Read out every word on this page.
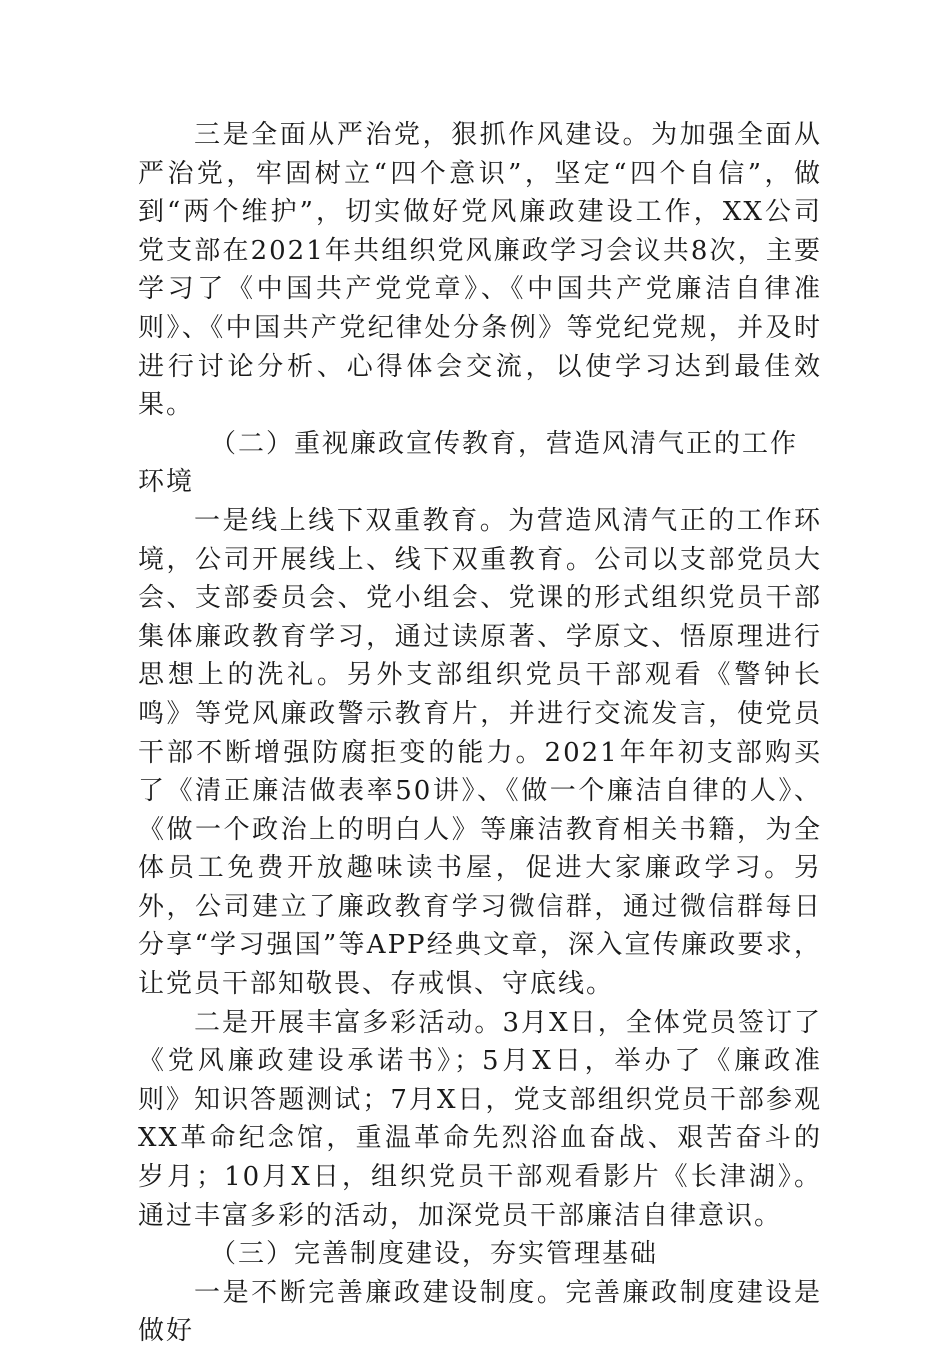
三是全面从严治党，狠抓作风建设。为加强全面从严治党，牢固树立“四个意识”，坚定“四个自信”，做到“两个维护”，切实做好党风廉政建设工作，XX公司党支部在2021年共组织党风廉政学习会议共8次，主要学习了《中国共产党党章》、《中国共产党廉洁自律准则》、《中国共产党纪律处分条例》等党纪党规，并及时进行讨论分析、心得体会交流，以使学习达到最佳效果。

（二）重视廉政宣传教育，营造风清气正的工作环境

一是线上线下双重教育。为营造风清气正的工作环境，公司开展线上、线下双重教育。公司以支部党员大会、支部委员会、党小组会、党课的形式组织党员干部集体廉政教育学习，通过读原著、学原文、悟原理进行思想上的洗礼。另外支部组织党员干部观看《警钟长鸣》等党风廉政警示教育片，并进行交流发言，使党员干部不断增强防腐拒变的能力。2021年年初支部购买了《清正廉洁做表率50讲》、《做一个廉洁自律的人》、《做一个政治上的明白人》等廉洁教育相关书籍，为全体员工免费开放趣味读书屋，促进大家廉政学习。另外，公司建立了廉政教育学习微信群，通过微信群每日分享“学习强国”等APP经典文章，深入宣传廉政要求，让党员干部知敬畏、存戒惧、守底线。

二是开展丰富多彩活动。3月X日，全体党员签订了《党风廉政建设承诺书》；5月X日，举办了《廉政准则》知识答题测试；7月X日，党支部组织党员干部参观XX革命纪念馆，重温革命先烈浴血奋战、艰苦奋斗的岁月；10月X日，组织党员干部观看影片《长津湖》。通过丰富多彩的活动，加深党员干部廉洁自律意识。

（三）完善制度建设，夯实管理基础

一是不断完善廉政建设制度。完善廉政制度建设是做好
